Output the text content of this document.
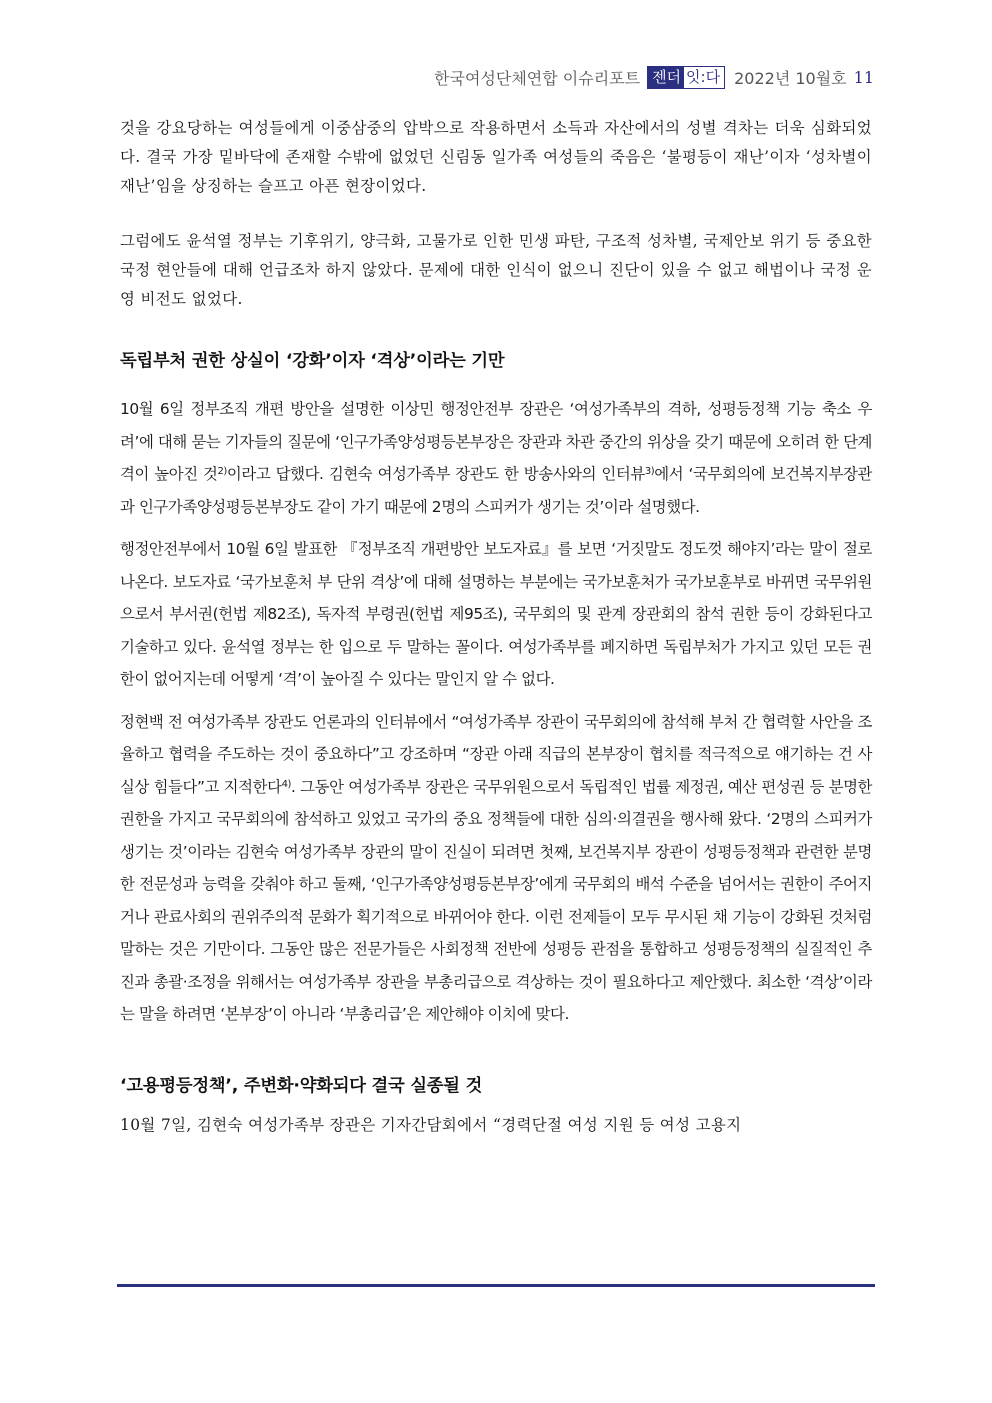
한국여성단체연합 이슈리포트 젠더 잇:다 2022년 10월호 11

것을 강요당하는 여성들에게 이중삼중의 압박으로 작용하면서 소득과 자산에서의 성별 격차는 더욱 심화되었다. 결국 가장 밑바닥에 존재할 수밖에 없었던 신림동 일가족 여성들의 죽음은 ‘불평등이 재난’이자 ‘성차별이 재난’임을 상징하는 슬프고 아픈 현장이었다.

그럼에도 윤석열 정부는 기후위기, 양극화, 고물가로 인한 민생 파탄, 구조적 성차별, 국제안보 위기 등 중요한 국정 현안들에 대해 언급조차 하지 않았다. 문제에 대한 인식이 없으니 진단이 있을 수 없고 해법이나 국정 운영 비전도 없었다.

독립부처 권한 상실이 ‘강화’이자 ‘격상’이라는 기만

10월 6일 정부조직 개편 방안을 설명한 이상민 행정안전부 장관은 ‘여성가족부의 격하, 성평등정책 기능 축소 우려’에 대해 묻는 기자들의 질문에 ‘인구가족양성평등본부장은 장관과 차관 중간의 위상을 갖기 때문에 오히려 한 단계 격이 높아진 것$^{2)}$이라고 답했다. 김현숙 여성가족부 장관도 한 방송사와의 인터뷰$^{3)}$에서 ‘국무회의에 보건복지부장관과 인구가족양성평등본부장도 같이 가기 때문에 2명의 스피커가 생기는 것’이라 설명했다.

행정안전부에서 10월 6일 발표한 『정부조직 개편방안 보도자료』를 보면 ‘거짓말도 정도껏 해야지’라는 말이 절로 나온다. 보도자료 ‘국가보훈처 부 단위 격상’에 대해 설명하는 부분에는 국가보훈처가 국가보훈부로 바뀌면 국무위원으로서 부서권(헌법 제82조), 독자적 부령권(헌법 제95조), 국무회의 및 관계 장관회의 참석 권한 등이 강화된다고 기술하고 있다. 윤석열 정부는 한 입으로 두 말하는 꼴이다. 여성가족부를 폐지하면 독립부처가 가지고 있던 모든 권한이 없어지는데 어떻게 ‘격’이 높아질 수 있다는 말인지 알 수 없다.

정현백 전 여성가족부 장관도 언론과의 인터뷰에서 “여성가족부 장관이 국무회의에 참석해 부처 간 협력할 사안을 조율하고 협력을 주도하는 것이 중요하다”고 강조하며 “장관 아래 직급의 본부장이 협치를 적극적으로 얘기하는 건 사실상 힘들다”고 지적한다$^{4)}$. 그동안 여성가족부 장관은 국무위원으로서 독립적인 법률 제정권, 예산 편성권 등 분명한 권한을 가지고 국무회의에 참석하고 있었고 국가의 중요 정책들에 대한 심의·의결권을 행사해 왔다. ‘2명의 스피커가 생기는 것’이라는 김현숙 여성가족부 장관의 말이 진실이 되려면 첫째, 보건복지부 장관이 성평등정책과 관련한 분명한 전문성과 능력을 갖춰야 하고 둘째, ‘인구가족양성평등본부장’에게 국무회의 배석 수준을 넘어서는 권한이 주어지거나 관료사회의 권위주의적 문화가 획기적으로 바뀌어야 한다. 이런 전제들이 모두 무시된 채 기능이 강화된 것처럼 말하는 것은 기만이다. 그동안 많은 전문가들은 사회정책 전반에 성평등 관점을 통합하고 성평등정책의 실질적인 추진과 총괄·조정을 위해서는 여성가족부 장관을 부총리급으로 격상하는 것이 필요하다고 제안했다. 최소한 ‘격상’이라는 말을 하려면 ‘본부장’이 아니라 ‘부총리급’은 제안해야 이치에 맞다.

‘고용평등정책’, 주변화·약화되다 결국 실종될 것

10월 7일, 김현숙 여성가족부 장관은 기자간담회에서 “경력단절 여성 지원 등 여성 고용지
